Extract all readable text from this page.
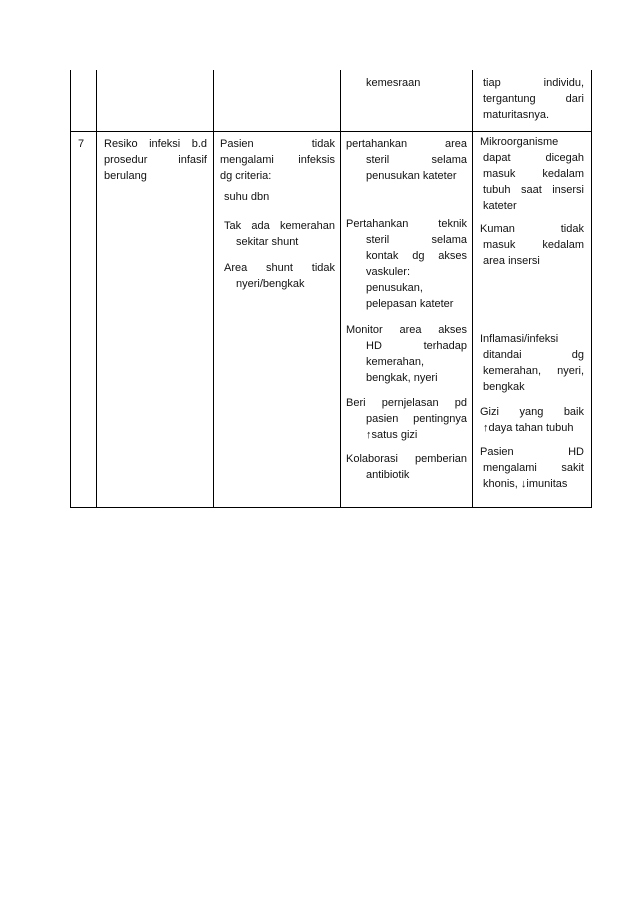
kemesraan	tiap individu,
tergantung dari
maturitasnya.
7 Resiko infeksi b.d
prosedur infasif
berulang
Pasien tidak
mengalami infeksis
dg criteria:
suhu dbn
Tak ada kemerahan
sekitar shunt
Area shunt tidak
nyeri/bengkak
pertahankan area
steril selama
penusukan kateter
Pertahankan teknik
steril selama
kontak dg akses
vaskuler:
penusukan,
pelepasan kateter
Monitor area akses
HD terhadap
kemerahan,
bengkak, nyeri
Beri pernjelasan pd
pasien pentingnya
↑satus gizi
Kolaborasi pemberian
antibiotik
Mikroorganisme
dapat dicegah
masuk kedalam
tubuh saat insersi
kateter
Kuman tidak
masuk kedalam
area insersi
Inflamasi/infeksi
ditandai dg
kemerahan, nyeri,
bengkak
Gizi yang baik
↑daya tahan tubuh
Pasien HD
mengalami sakit
khonis, ↓imunitas
